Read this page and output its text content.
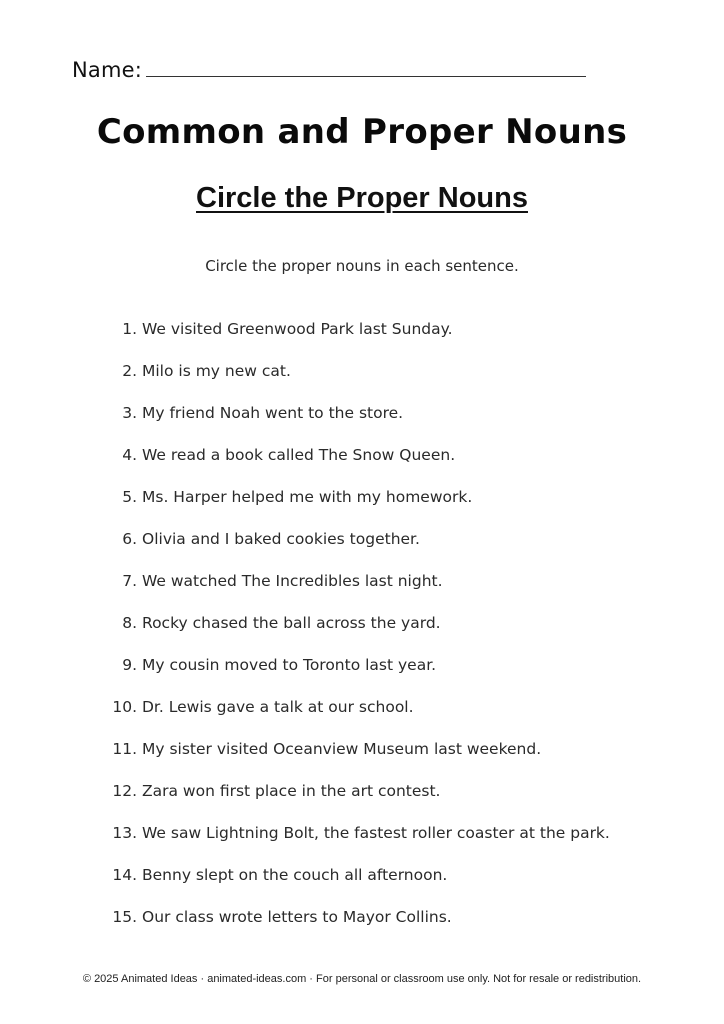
Name:
Common and Proper Nouns
Circle the Proper Nouns

Circle the proper nouns in each sentence.

1. We visited Greenwood Park last Sunday.
2. Milo is my new cat.
3. My friend Noah went to the store.
4. We read a book called The Snow Queen.
5. Ms. Harper helped me with my homework.
6. Olivia and I baked cookies together.
7. We watched The Incredibles last night.
8. Rocky chased the ball across the yard.
9. My cousin moved to Toronto last year.
10. Dr. Lewis gave a talk at our school.
11. My sister visited Oceanview Museum last weekend.
12. Zara won first place in the art contest.
13. We saw Lightning Bolt, the fastest roller coaster at the park.
14. Benny slept on the couch all afternoon.
15. Our class wrote letters to Mayor Collins.
© 2025 Animated Ideas · animated-ideas.com · For personal or classroom use only. Not for resale or redistribution.
